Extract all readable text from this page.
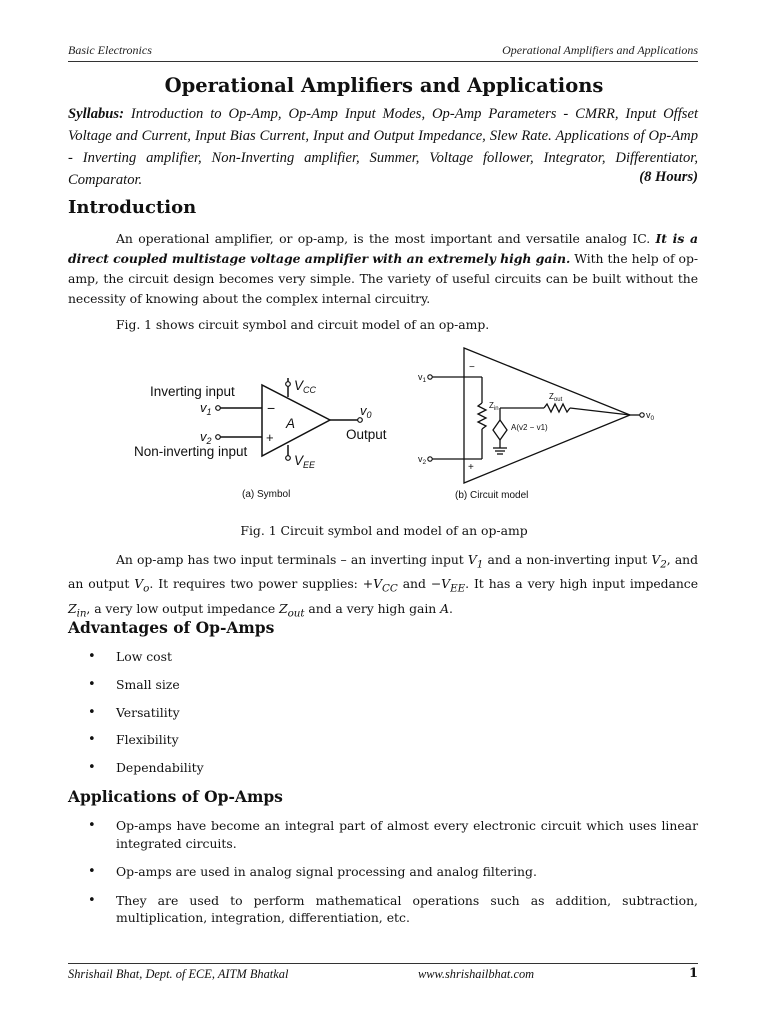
Basic Electronics	Operational Amplifiers and Applications
Operational Amplifiers and Applications
Syllabus: Introduction to Op-Amp, Op-Amp Input Modes, Op-Amp Parameters - CMRR, Input Offset Voltage and Current, Input Bias Current, Input and Output Impedance, Slew Rate. Applications of Op-Amp - Inverting amplifier, Non-Inverting amplifier, Summer, Voltage follower, Integrator, Differentiator, Comparator.	(8 Hours)
Introduction
An operational amplifier, or op-amp, is the most important and versatile analog IC. It is a direct coupled multistage voltage amplifier with an extremely high gain. With the help of op-amp, the circuit design becomes very simple. The variety of useful circuits can be built without the necessity of knowing about the complex internal circuitry.
Fig. 1 shows circuit symbol and circuit model of an op-amp.
Inverting input
Non-inverting input
$v_1$
$v_2$
−
+
A
$V_{CC}$
$V_{EE}$
$v_0$
Output
(a) Symbol
$v_1$
$v_2$
−
+
$Z_{in}$
$Z_{out}$
A(v2 − v1)
$v_0$
(b) Circuit model
Fig. 1 Circuit symbol and model of an op-amp
An op-amp has two input terminals – an inverting input $V_1$ and a non-inverting input $V_2$, and an output $V_o$. It requires two power supplies: $+V_{CC}$ and $-V_{EE}$. It has a very high input impedance $Z_{in}$, a very low output impedance $Z_{out}$ and a very high gain A.
Advantages of Op-Amps
• Low cost
• Small size
• Versatility
• Flexibility
• Dependability
Applications of Op-Amps
• Op-amps have become an integral part of almost every electronic circuit which uses linear integrated circuits.
• Op-amps are used in analog signal processing and analog filtering.
• They are used to perform mathematical operations such as addition, subtraction, multiplication, integration, differentiation, etc.
Shrishail Bhat, Dept. of ECE, AITM Bhatkal	www.shrishailbhat.com	1
